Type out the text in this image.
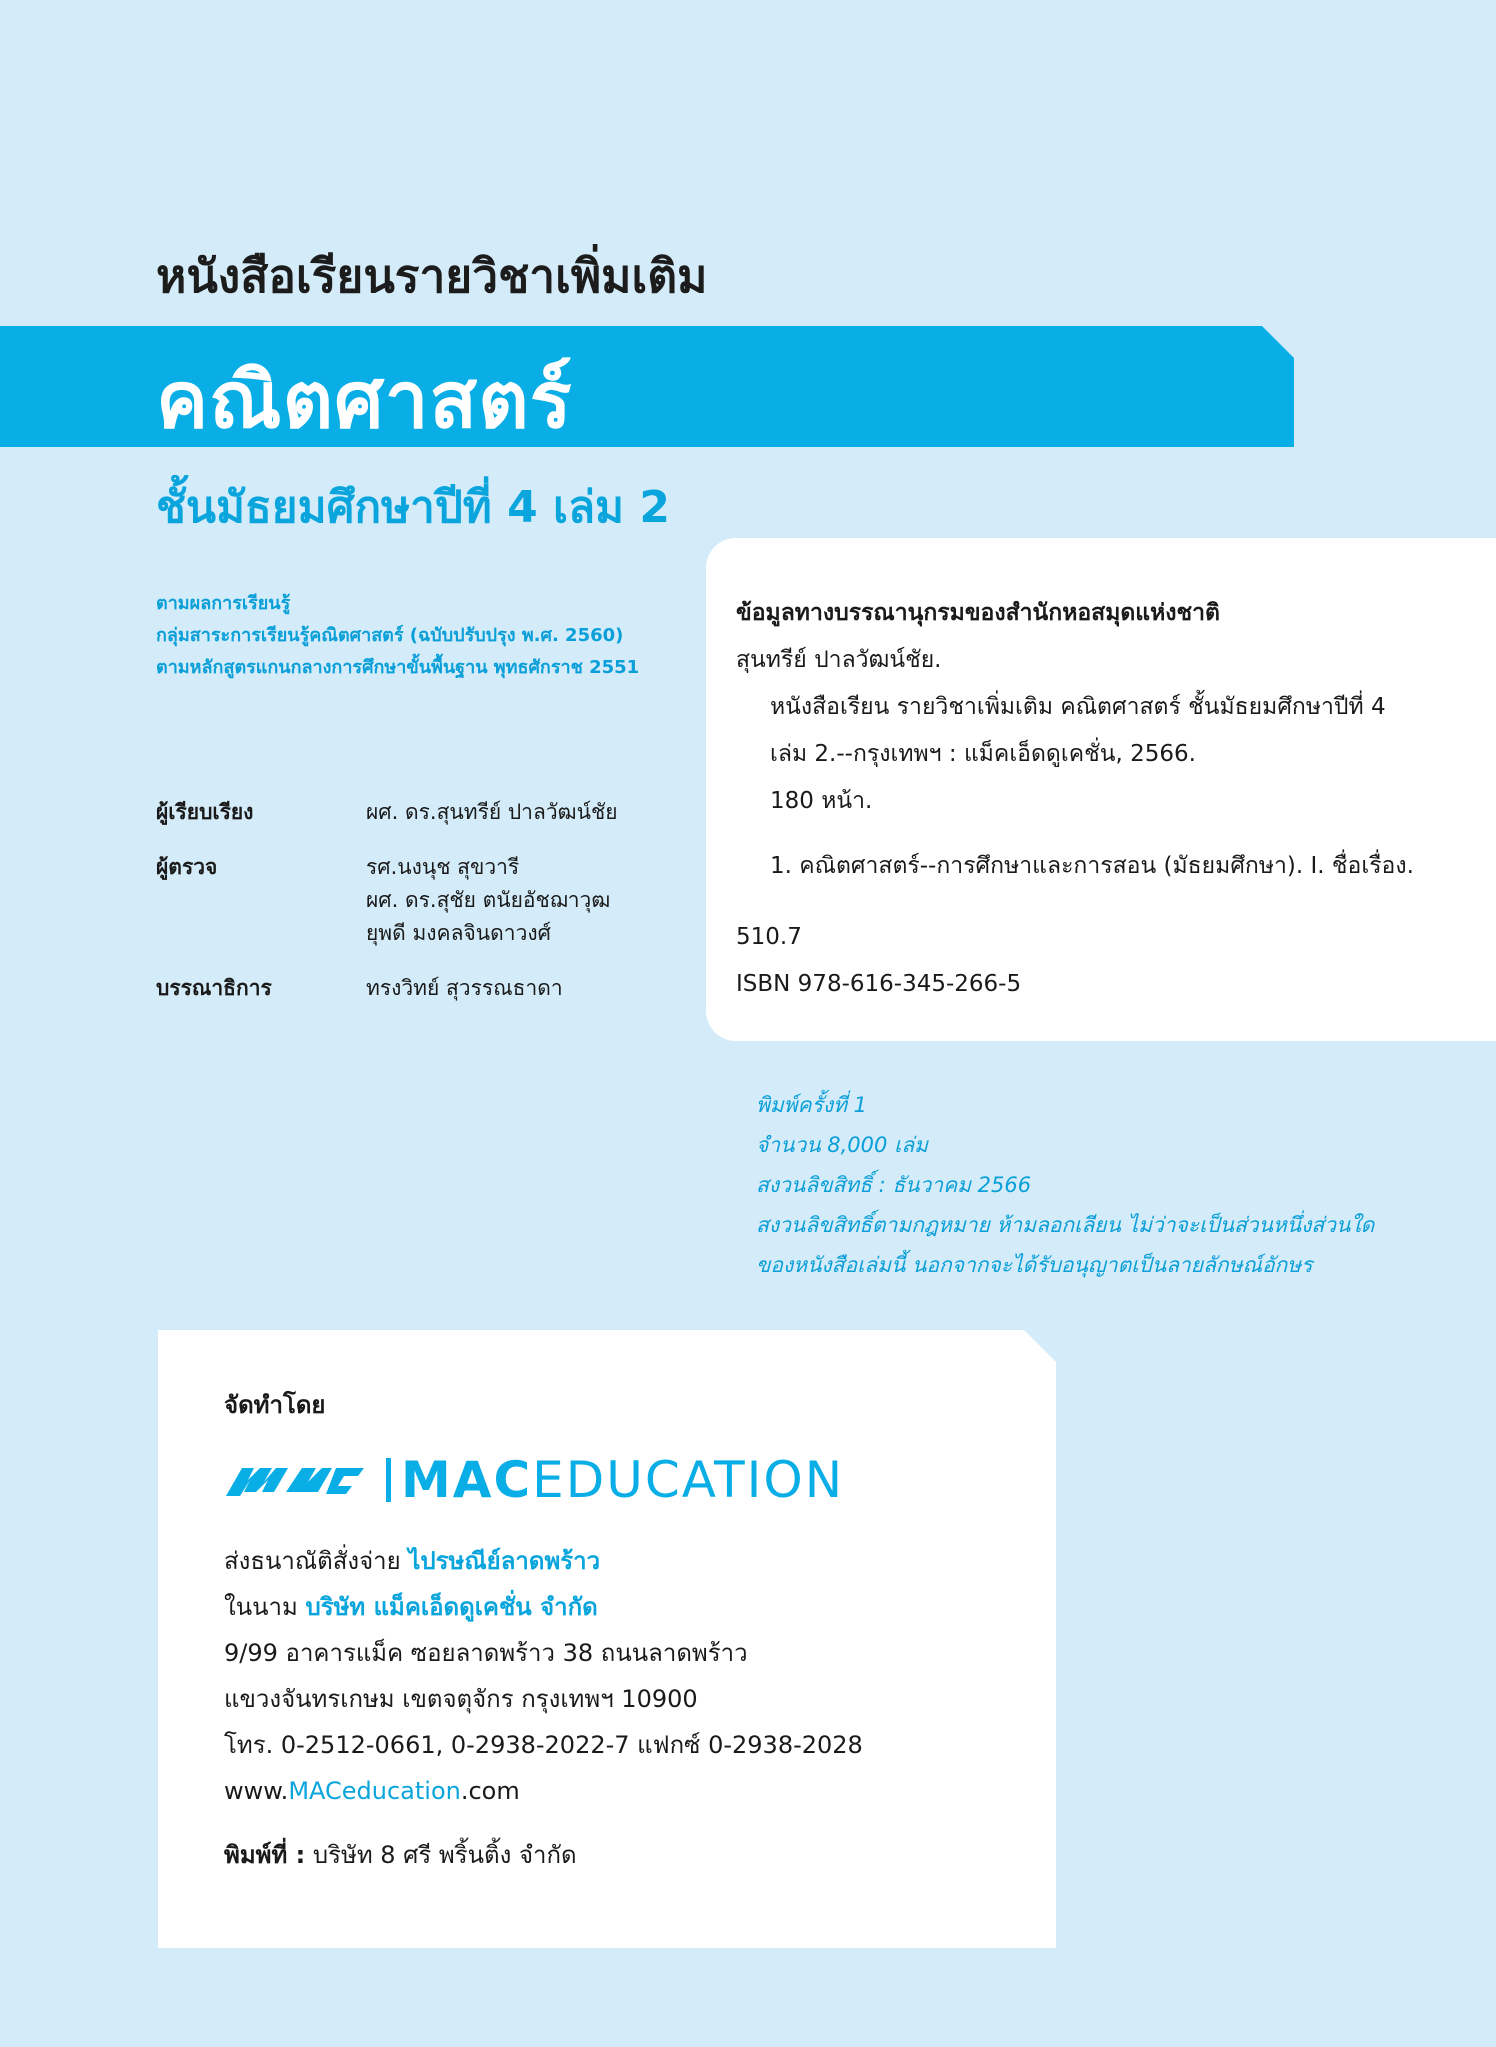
หนังสือเรียนรายวิชาเพิ่มเติม
คณิตศาสตร์
ชั้นมัธยมศึกษาปีที่ 4 เล่ม 2
ตามผลการเรียนรู้
กลุ่มสาระการเรียนรู้คณิตศาสตร์ (ฉบับปรับปรุง พ.ศ. 2560)
ตามหลักสูตรแกนกลางการศึกษาขั้นพื้นฐาน พุทธศักราช 2551
ผู้เรียบเรียง	ผศ. ดร.สุนทรีย์ ปาลวัฒน์ชัย
ผู้ตรวจ	รศ.นงนุช สุขวารี
ผศ. ดร.สุชัย ตนัยอัชฌาวุฒ
ยุพดี มงคลจินดาวงศ์
บรรณาธิการ	ทรงวิทย์ สุวรรณธาดา
ข้อมูลทางบรรณานุกรมของสำนักหอสมุดแห่งชาติ
สุนทรีย์ ปาลวัฒน์ชัย.
หนังสือเรียน รายวิชาเพิ่มเติม คณิตศาสตร์ ชั้นมัธยมศึกษาปีที่ 4
เล่ม 2.--กรุงเทพฯ : แม็คเอ็ดดูเคชั่น, 2566.
180 หน้า.
1. คณิตศาสตร์--การศึกษาและการสอน (มัธยมศึกษา). I. ชื่อเรื่อง.
510.7
ISBN 978-616-345-266-5
พิมพ์ครั้งที่ 1
จำนวน 8,000 เล่ม
สงวนลิขสิทธิ์ : ธันวาคม 2566
สงวนลิขสิทธิ์ตามกฎหมาย ห้ามลอกเลียน ไม่ว่าจะเป็นส่วนหนึ่งส่วนใด
ของหนังสือเล่มนี้ นอกจากจะได้รับอนุญาตเป็นลายลักษณ์อักษร
จัดทำโดย
MACEDUCATION
ส่งธนาณัติสั่งจ่าย ไปรษณีย์ลาดพร้าว
ในนาม บริษัท แม็คเอ็ดดูเคชั่น จำกัด
9/99 อาคารแม็ค ซอยลาดพร้าว 38 ถนนลาดพร้าว
แขวงจันทรเกษม เขตจตุจักร กรุงเทพฯ 10900
โทร. 0-2512-0661, 0-2938-2022-7 แฟกซ์ 0-2938-2028
www.MACeducation.com
พิมพ์ที่ : บริษัท 8 ศรี พริ้นติ้ง จำกัด
